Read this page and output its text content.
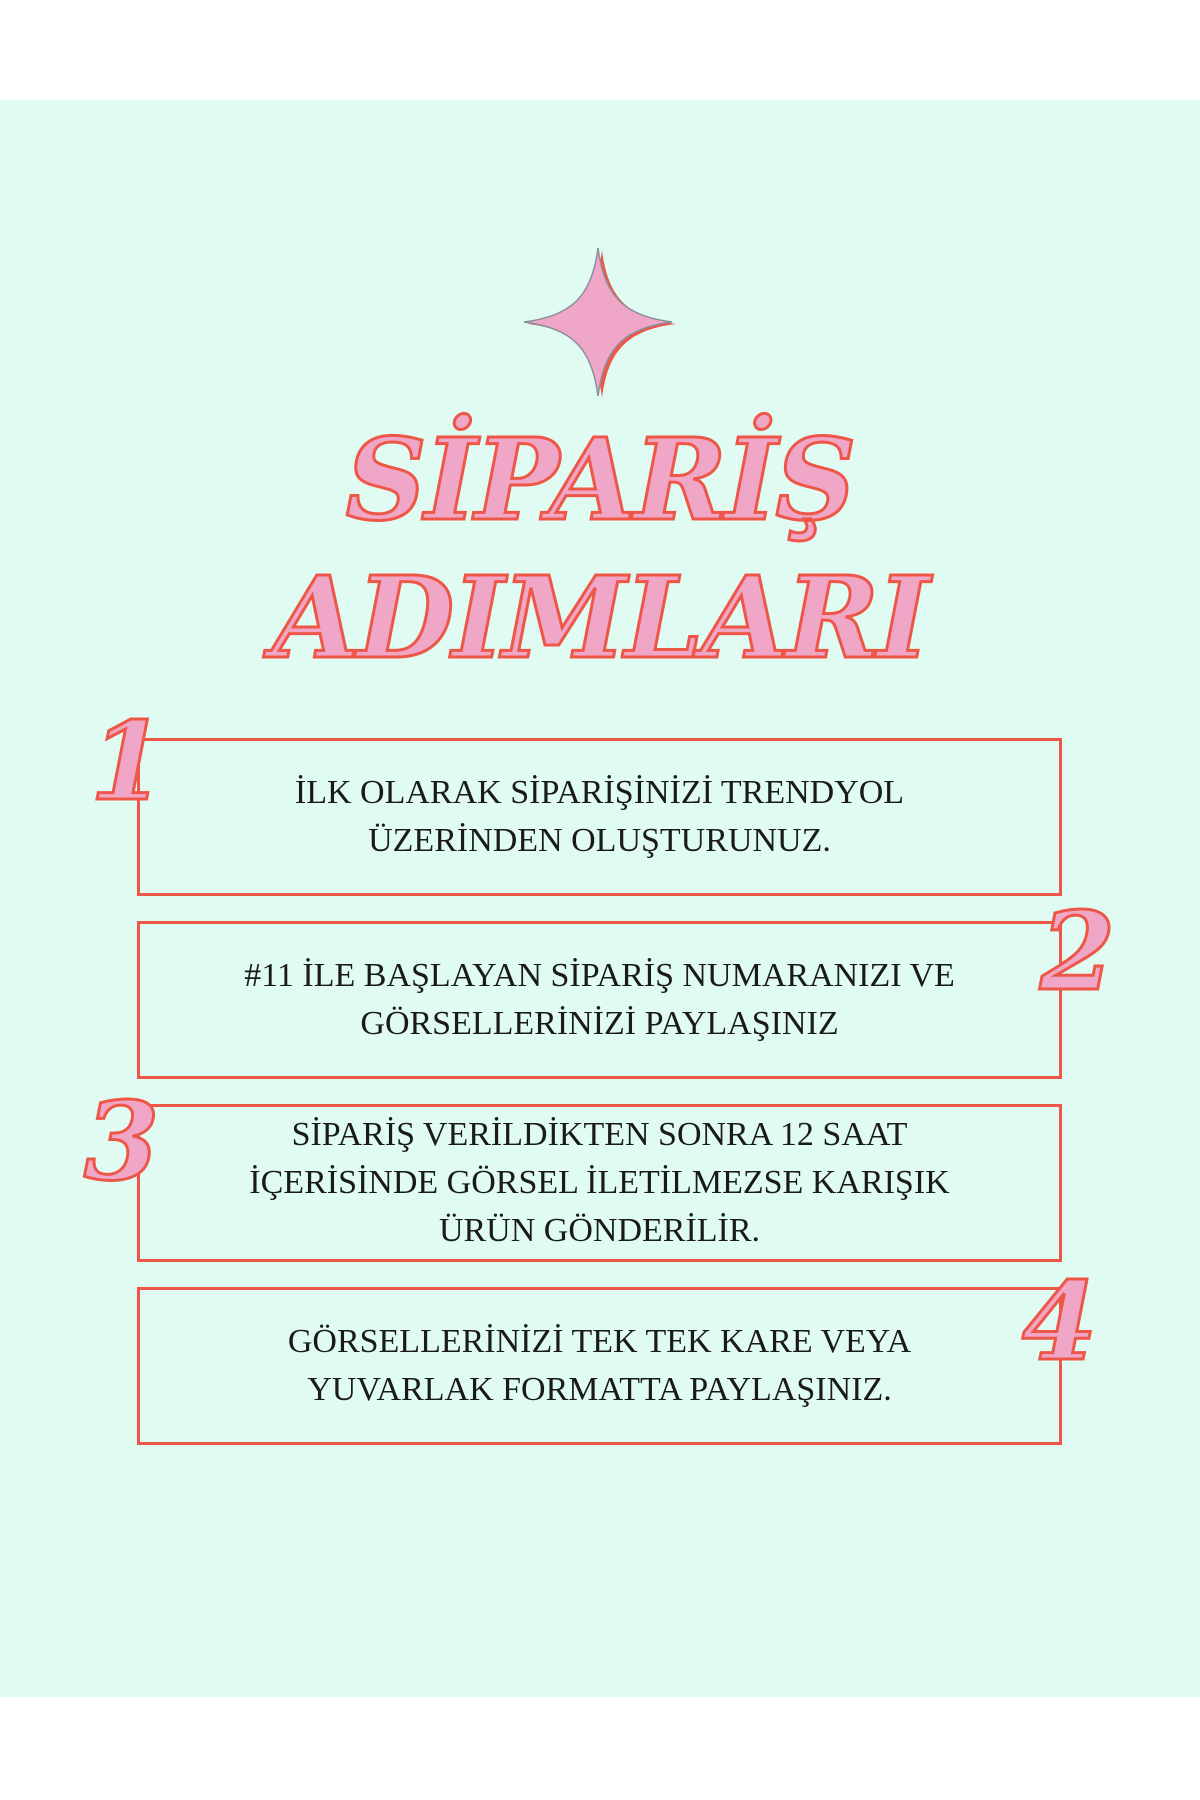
SİPARİŞ
ADIMLARI
İLK OLARAK SİPARİŞİNİZİ TRENDYOL
ÜZERİNDEN OLUŞTURUNUZ.
#11 İLE BAŞLAYAN SİPARİŞ NUMARANIZI VE
GÖRSELLERİNİZİ PAYLAŞINIZ
SİPARİŞ VERİLDİKTEN SONRA 12 SAAT
İÇERİSİNDE GÖRSEL İLETİLMEZSE KARIŞIK
ÜRÜN GÖNDERİLİR.
GÖRSELLERİNİZİ TEK TEK KARE VEYA
YUVARLAK FORMATTA PAYLAŞINIZ.
1
2
3
4
